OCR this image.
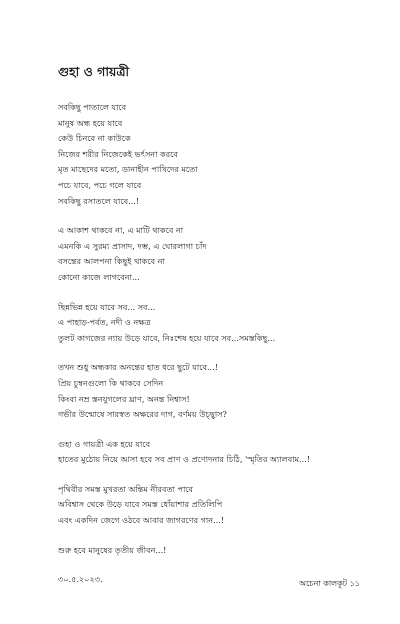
গুহা ও গায়ত্রী
সবকিছু পাতালে যাবে
মানুষ অন্ধ হয়ে যাবে
কেউ চিনবে না কাউকে
নিজের শরীর নিজেকেই ভর্ৎসনা করবে
মৃত মাছেদের মতো, ডানাহীন পাখিদের মতো
পচে যাবে, পচে গলে যাবে
সবকিছু রসাতলে যাবে...!
এ আকাশ থাকবে না, এ মাটি থাকবে না
এমনকি এ সুরম্য প্রাসাদ, দম্ভ, এ ঘোরলাগা চাঁদ
বসন্তের আলপনা কিছুই থাকবে না
কোনো কাজে লাগবেনা...
ছিন্নভিন্ন হয়ে যাবে সব... সব...
এ পাহাড়-পর্বত, নদী ও নক্ষত্র
তুলট কাগজের ন্যায় উড়ে যাবে, নিঃশেষ হয়ে যাবে সব...সমস্তকিছু...
তখন শুধু অন্ধকার অনন্তের হাত ধরে ছুটে যাবে...!
প্রিয় চুম্বনগুলো কি থাকবে সেদিন
কিংবা নম্র স্তনযুগলের ঘ্রাণ, অনন্ত নিশ্বাস!
গভীর উন্মোষে সারস্বত অক্ষরের দাগ, বর্ণময় উচ্ছ্বাস?
গুহা ও গায়ত্রী এক হয়ে যাবে
হাতের মুঠোয় নিয়ে আসা হবে সব প্রাণ ও প্রণোদনার চিঠি, 'স্মৃতির অ্যালবাম...!
পৃথিবীর সমস্ত মুখরতা অন্তিম নীরবতা পাবে
অবিশ্বাস থেকে উড়ে যাবে সমস্ত ধোঁয়াশার প্রতিলিপি
এবং একদিন জেগে ওঠবে আবার জাগরণের গান...!
শুরু হবে মানুষের তৃতীয় জীবন...!
৩০.৫.২০২৩.	অচেনা কালকূট ১১
